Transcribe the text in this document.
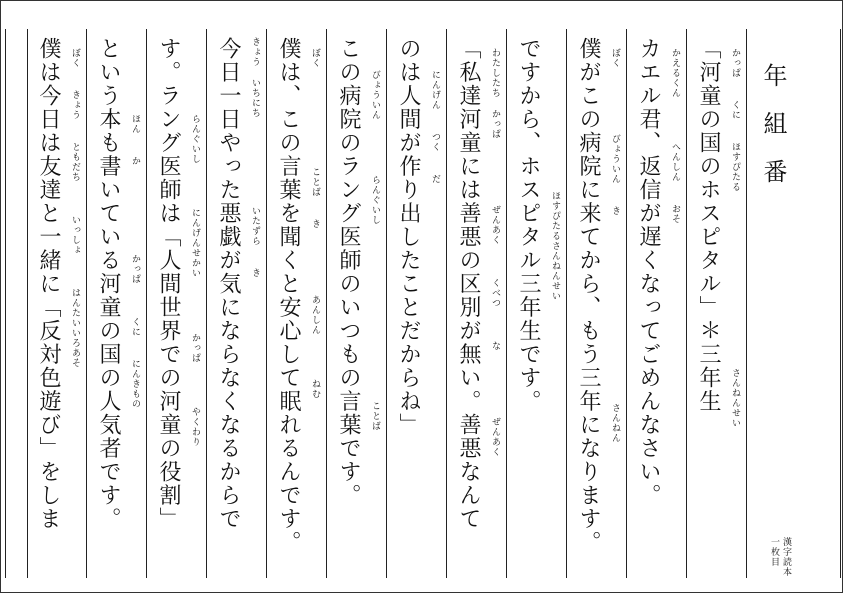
年組番
漢字読本
一枚目
「河童の国のホスピタル」＊三年生 かっぱ  くに  ほすぴたる                さんねんせい
カエル君、返信が遅くなってごめんなさい。 かえるくん    へんしん  おそ
僕がこの病院に来てから、もう三年になります。 ぼく      びょういん  き                 さんねん
ですから、ホスピタル三年生です。 ほすぴたるさんねんせい
「私達河童には善悪の区別が無い。善悪なんて わたしたち かっぱ      ぜんあく   くべつ   な      ぜんあく
のは人間が作り出したことだからね」 にんげん  つく  だ
この病院のラング医師のいつもの言葉です。 びょういん     らんぐいし                ことば
僕は、この言葉を聞くと安心して眠れるんです。 ぼく         ことば  き      あんしん    ねむ
今日一日やった悪戯が気にならなくなるからで きょう いちにち        いたずら  き
す。ラング医師は「人間世界での河童の役割」 らんぐいし    にんげんせかい     かっぱ    やくわり
という本も書いている河童の国の人気者です。 ほん  か        かっぱ   くに  にんきもの
僕は今日は友達と一緒に「反対色遊び」をしま ぼく  きょう  ともだち   いっしょ   はんたいいろあそ
